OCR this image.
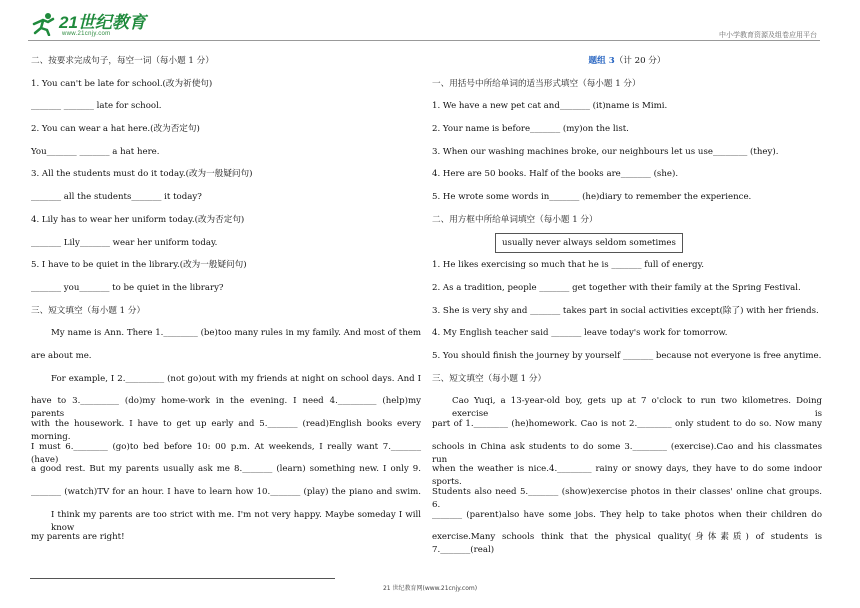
21世纪教育
www.21cnjy.com	中小学教育资源及组卷应用平台
二、按要求完成句子，每空一词（每小题 1 分）
1. You can't be late for school.(改为祈使句)
_______ _______ late for school.
2. You can wear a hat here.(改为否定句)
You_______ _______ a hat here.
3. All the students must do it today.(改为一般疑问句)
_______ all the students_______ it today?
4. Lily has to wear her uniform today.(改为否定句)
_______ Lily_______ wear her uniform today.
5. I have to be quiet in the library.(改为一般疑问句)
_______ you_______ to be quiet in the library?
三、短文填空（每小题 1 分）
My name is Ann. There 1.________ (be)too many rules in my family. And most of them
are about me.
For example, I 2._________ (not go)out with my friends at night on school days. And I
have to 3._________ (do)my home-work in the evening. I need 4._________ (help)my parents
with the housework. I have to get up early and 5._______ (read)English books every morning.
I must 6.________ (go)to bed before 10: 00 p.m. At weekends, I really want 7._______ (have)
a good rest. But my parents usually ask me 8._______ (learn) something new. I only 9.
_______ (watch)TV for an hour. I have to learn how 10._______ (play) the piano and swim.
I think my parents are too strict with me. I'm not very happy. Maybe someday I will know
my parents are right!
题组 3（计 20 分）
一、用括号中所给单词的适当形式填空（每小题 1 分）
1. We have a new pet cat and_______ (it)name is Mimi.
2. Your name is before_______ (my)on the list.
3. When our washing machines broke, our neighbours let us use________ (they).
4. Here are 50 books. Half of the books are_______ (she).
5. He wrote some words in_______ (he)diary to remember the experience.
二、用方框中所给单词填空（每小题 1 分）
usually never always seldom sometimes
1. He likes exercising so much that he is _______ full of energy.
2. As a tradition, people _______ get together with their family at the Spring Festival.
3. She is very shy and _______ takes part in social activities except(除了) with her friends.
4. My English teacher said _______ leave today's work for tomorrow.
5. You should finish the journey by yourself _______ because not everyone is free anytime.
三、短文填空（每小题 1 分）
Cao Yuqi, a 13-year-old boy, gets up at 7 o'clock to run two kilometres. Doing exercise is
part of 1.________ (he)homework. Cao is not 2.________ only student to do so. Now many
schools in China ask students to do some 3.________ (exercise).Cao and his classmates run
when the weather is nice.4.________ rainy or snowy days, they have to do some indoor sports.
Students also need 5._______ (show)exercise photos in their classes' online chat groups. 6.
_______ (parent)also have some jobs. They help to take photos when their children do
exercise.Many schools think that the physical quality(身体素质) of students is 7._______(real)
21 世纪教育网(www.21cnjy.com)
